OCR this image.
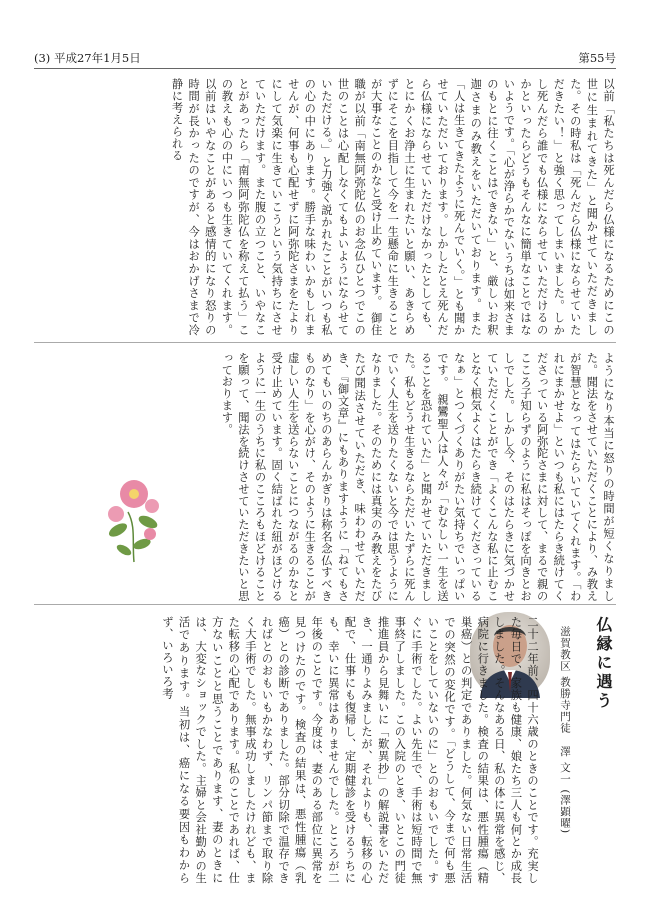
(3) 平成27年1月5日	第55号

以前「私たちは死んだら仏様になるためにこの世に生まれてきた」と聞かせていただきました。その時私は「死んだら仏様にならせていただきたい！」と強く思ってしまいました。しかし死んだら誰でも仏様にならせていただけるのかといったらどうもそんなに簡単なことではないようです。「心が浄らかでないうちは如来さまのもとに往くことはできない」と、厳しいお釈迦さまのみ教えをいただいております。また「人は生きてきたように死んでいく。」とも聞かせていただいております。しかしたとえ死んだら仏様にならせていただけなかったとしても、とにかくお浄土に生まれたいと願い、あきらめずにそこを目指して今を一生懸命に生きることが大事なことのかなと受け止めています。 御住職が以前「南無阿弥陀仏のお念仏ひとつでこの世のことは心配しなくてもよいようにならせていただける。」と力強く説かれたことがいつも私の心の中にあります。勝手な味わいかもしれませんが、何事も心配せずに阿弥陀さまをたよりにして気楽に生きていこうという気持ちにさせていただけます。また腹の立つこと、いやなことがあったら「南無阿弥陀仏を称えて払う」この教えも心の中にいつも生きていてくれます。以前はいやなことがあると感情的になり怒りの時間が長かったのですが、今はおかげさまで冷静に考えられる

ようになり本当に怒りの時間が短くなりました。聞法をさせていただくことにより、み教えが智慧となってはたらいていてくれます。「われにまかせよ」といつも私にはたらき続けてくださっている阿弥陀さまに対して、まるで親のこころ子知らずのように私はそっぽを向きとおしでした。しかし今、そのはたらきに気づかせていただくことができ「よくこんな私に止むことなく根気よくはたらき続けてくださっているなぁ」とつくづくありがたい気持ちでいっぱいです。 親鸞聖人は人々が「むなしい一生を送ることを恐れていた」と聞かせていただきました。私もどうせ生きるならただいたずらに死んでいく人生を送りたくないと今では思うようになりました。そのためには真実のみ教えをたびたび聞法させていただき、味わわせていただき、『御文章』にもありますように「ねてもさめてもいのちのあらんかぎりは称名念仏すべきものなり」を心がけ、そのように生きることが虚しい人生を送らないことにつながるのかなと受け止めています。固く結ばれた紐がほどけるように一生のうちに私のこころもほどけることを願って、聞法を続けさせていただきたいと思っております。

仏縁に遇う
滋賀教区 教勝寺門徒 澤 文一 (澤顕曜)

二十二年前、四十六歳のときのことです。充実した毎日で、家族も健康、娘たち三人も何とか成長しました。そんなある日、私の体に異常を感じ、病院に行きました。検査の結果は、悪性腫瘍（精巣癌）との判定でありました。何気ない日常生活での突然の変化です。「どうして、今まで何も悪いことをしていないのに」とのおもいでした。すぐに手術でした。よい先生で、手術は短時間で無事終了しました。この入院のとき、いとこの門徒推進員から見舞いに「歎異抄」の解説書をいただき、一通りよみましたが、それよりも、転移の心配で、仕事にも復帰し、定期健診を受けるうちにも、幸いに異常はありませんでした。ところが二年後のことです。今度は、妻のある部位に異常を見つけたのです。検査の結果は、悪性腫瘍（乳癌）との診断でありました。部分切除で温存できればとのおもいもかなわず、リンパ節まで取り除く大手術でした。無事成功しましたけれども、また転移の心配であります。私のことであれば、仕方ないことと思うことであります、妻のときには、大変なショックでした。主婦と会社勤めの生活であります。当初は、癌になる要因もわからず、いろいろ考
